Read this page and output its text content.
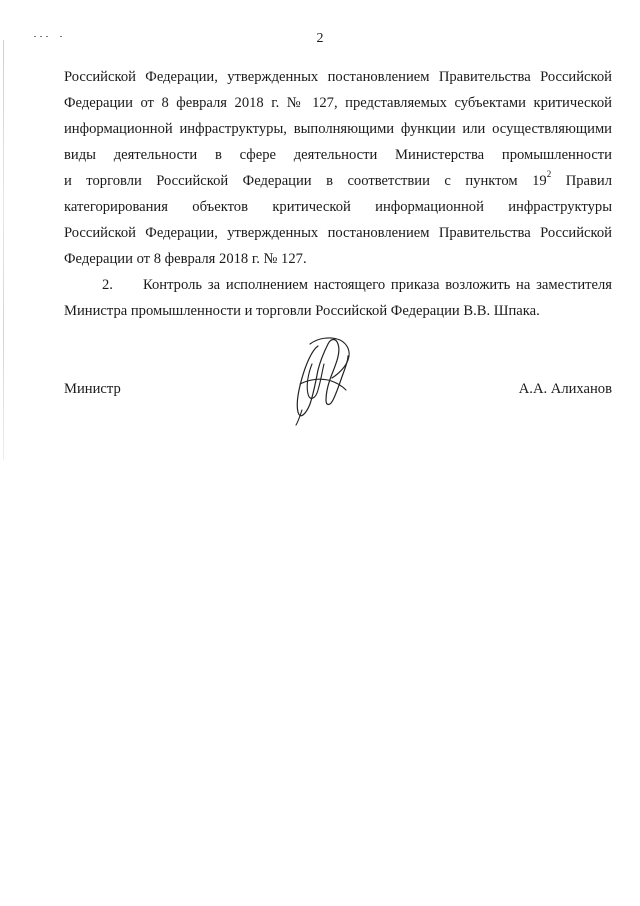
2
Российской Федерации, утвержденных постановлением Правительства Российской
Федерации от 8 февраля 2018 г. № 127, представляемых субъектами критической
информационной инфраструктуры, выполняющими функции или осуществляющими
виды деятельности в сфере деятельности Министерства промышленности
и торговли Российской Федерации в соответствии с пунктом $19^2$ Правил
категорирования объектов критической информационной инфраструктуры
Российской Федерации, утвержденных постановлением Правительства Российской
Федерации от 8 февраля 2018 г. № 127.
2. Контроль за исполнением настоящего приказа возложить на заместителя
Министра промышленности и торговли Российской Федерации В.В. Шпака.
Министр	А.А. Алиханов
